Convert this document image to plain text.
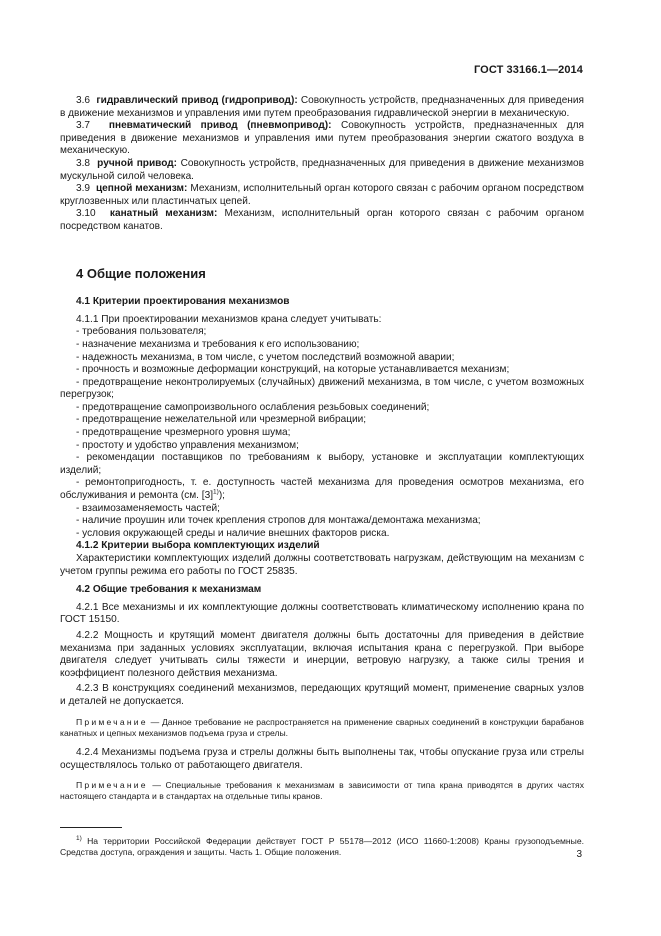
ГОСТ 33166.1—2014

3.6 гидравлический привод (гидропривод): Совокупность устройств, предназначенных для приведения в движение механизмов и управления ими путем преобразования гидравлической энергии в механическую.

3.7 пневматический привод (пневмопривод): Совокупность устройств, предназначенных для приведения в движение механизмов и управления ими путем преобразования энергии сжатого воздуха в механическую.

3.8 ручной привод: Совокупность устройств, предназначенных для приведения в движение механизмов мускульной силой человека.

3.9 цепной механизм: Механизм, исполнительный орган которого связан с рабочим органом посредством круглозвенных или пластинчатых цепей.

3.10 канатный механизм: Механизм, исполнительный орган которого связан с рабочим органом посредством канатов.

4 Общие положения
4.1 Критерии проектирования механизмов

4.1.1 При проектировании механизмов крана следует учитывать:

- требования пользователя;

- назначение механизма и требования к его использованию;

- надежность механизма, в том числе, с учетом последствий возможной аварии;

- прочность и возможные деформации конструкций, на которые устанавливается механизм;

- предотвращение неконтролируемых (случайных) движений механизма, в том числе, с учетом возможных перегрузок;

- предотвращение самопроизвольного ослабления резьбовых соединений;

- предотвращение нежелательной или чрезмерной вибрации;

- предотвращение чрезмерного уровня шума;

- простоту и удобство управления механизмом;

- рекомендации поставщиков по требованиям к выбору, установке и эксплуатации комплектующих изделий;

- ремонтопригодность, т. е. доступность частей механизма для проведения осмотров механизма, его обслуживания и ремонта (см. $[3]^{1)}$);

- взаимозаменяемость частей;

- наличие проушин или точек крепления стропов для монтажа/демонтажа механизма;

- условия окружающей среды и наличие внешних факторов риска.

4.1.2 Критерии выбора комплектующих изделий

Характеристики комплектующих изделий должны соответствовать нагрузкам, действующим на механизм с учетом группы режима его работы по ГОСТ 25835.

4.2 Общие требования к механизмам

4.2.1 Все механизмы и их комплектующие должны соответствовать климатическому исполнению крана по ГОСТ 15150.

4.2.2 Мощность и крутящий момент двигателя должны быть достаточны для приведения в действие механизма при заданных условиях эксплуатации, включая испытания крана с перегрузкой. При выборе двигателя следует учитывать силы тяжести и инерции, ветровую нагрузку, а также силы трения и коэффициент полезного действия механизма.

4.2.3 В конструкциях соединений механизмов, передающих крутящий момент, применение сварных узлов и деталей не допускается.

Примечание — Данное требование не распространяется на применение сварных соединений в конструкции барабанов канатных и цепных механизмов подъема груза и стрелы.

4.2.4 Механизмы подъема груза и стрелы должны быть выполнены так, чтобы опускание груза или стрелы осуществлялось только от работающего двигателя.

Примечание — Специальные требования к механизмам в зависимости от типа крана приводятся в других частях настоящего стандарта и в стандартах на отдельные типы кранов.

$^{1)}$ На территории Российской Федерации действует ГОСТ Р 55178—2012 (ИСО 11660-1:2008) Краны грузоподъемные. Средства доступа, ограждения и защиты. Часть 1. Общие положения.	3
